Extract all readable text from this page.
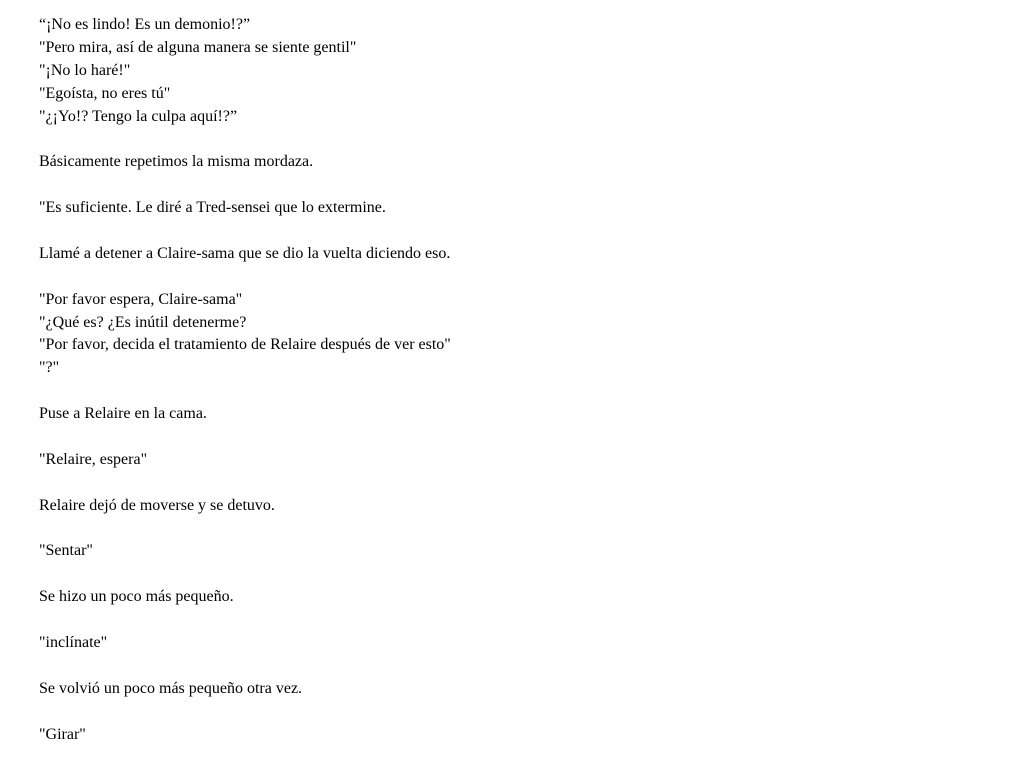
“¡No es lindo! Es un demonio!?”
"Pero mira, así de alguna manera se siente gentil"
"¡No lo haré!"
"Egoísta, no eres tú"
"¿¡Yo!? Tengo la culpa aquí!?”
Básicamente repetimos la misma mordaza.
"Es suficiente. Le diré a Tred-sensei que lo extermine.
Llamé a detener a Claire-sama que se dio la vuelta diciendo eso.
"Por favor espera, Claire-sama"
"¿Qué es? ¿Es inútil detenerme?
"Por favor, decida el tratamiento de Relaire después de ver esto"
"?"
Puse a Relaire en la cama.
"Relaire, espera"
Relaire dejó de moverse y se detuvo.
"Sentar"
Se hizo un poco más pequeño.
"inclínate"
Se volvió un poco más pequeño otra vez.
"Girar"
